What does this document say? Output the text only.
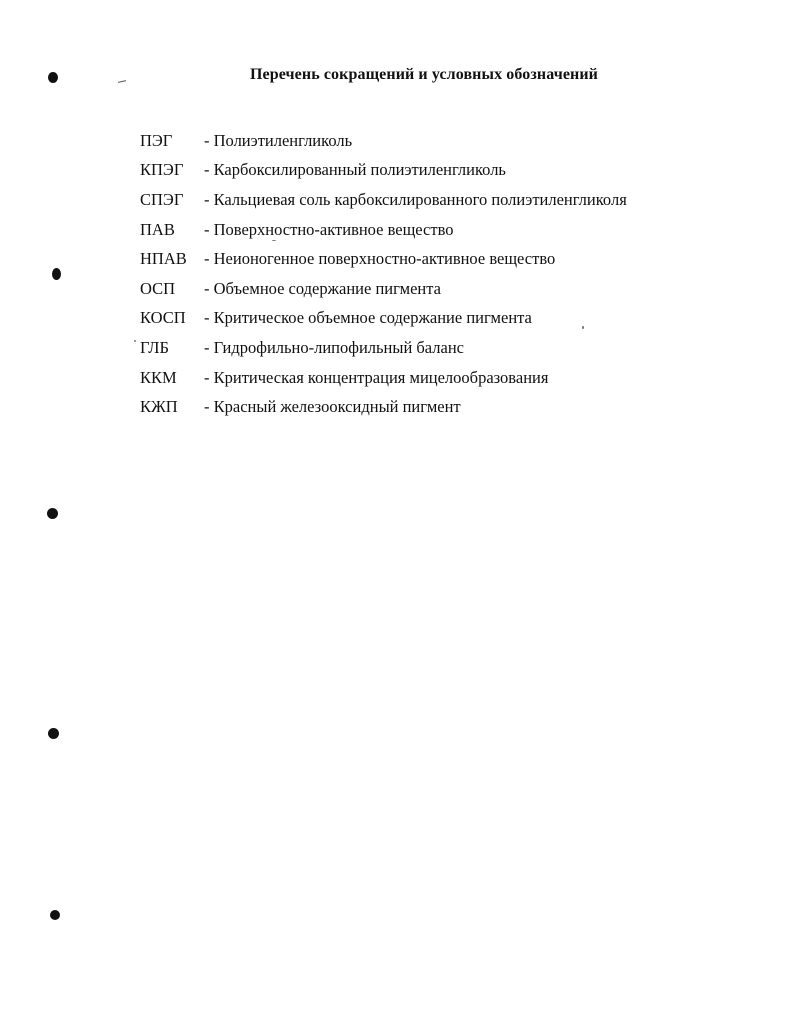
Перечень сокращений и условных обозначений
ПЭГ	- Полиэтиленгликоль
КПЭГ	- Карбоксилированный полиэтиленгликоль
СПЭГ	- Кальциевая соль карбоксилированного полиэтиленгликоля
ПАВ	- Поверхностно-активное вещество
НПАВ	- Неионогенное поверхностно-активное вещество
ОСП	- Объемное содержание пигмента
КОСП	- Критическое объемное содержание пигмента
ГЛБ	- Гидрофильно-липофильный баланс
ККМ	- Критическая концентрация мицелообразования
КЖП	- Красный железооксидный пигмент
